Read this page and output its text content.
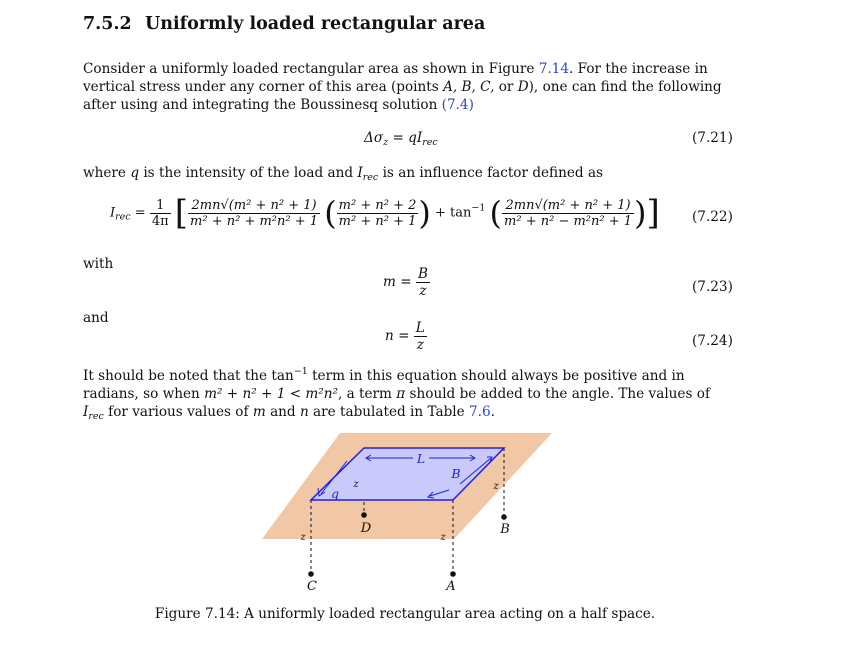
7.5.2 Uniformly loaded rectangular area
Consider a uniformly loaded rectangular area as shown in Figure 7.14. For the increase in vertical stress under any corner of this area (points A, B, C, or D), one can find the following after using and integrating the Boussinesq solution (7.4)
$\Delta\sigma_z = qI_{rec}$	(7.21)
where q is the intensity of the load and $I_{rec}$ is an influence factor defined as
$I_{rec} = \frac{1}{4\pi}$ [ $\frac{\text{2mn√(m² + n² + 1)}}{\text{m² + n² + m²n² + 1}}$ ( $\frac{\text{m² + n² + 2}}{\text{m² + n² + 1}}$ ) + $\tan^{-1}$ ( $\frac{\text{2mn√(m² + n² + 1)}}{\text{m² + n² − m²n² + 1}}$ )] (7.22)
with
$m = \frac{B}{z}$	(7.23)
and
$n = \frac{L}{z}$	(7.24)
It should be noted that the $\tan^{-1}$ term in this equation should always be positive and in radians, so when m² + n² + 1 < m²n², a term π should be added to the angle. The values of $I_{rec}$ for various values of m and n are tabulated in Table 7.6.
L
B
q
z	z
z	z
D	B
C	A
Figure 7.14: A uniformly loaded rectangular area acting on a half space.
